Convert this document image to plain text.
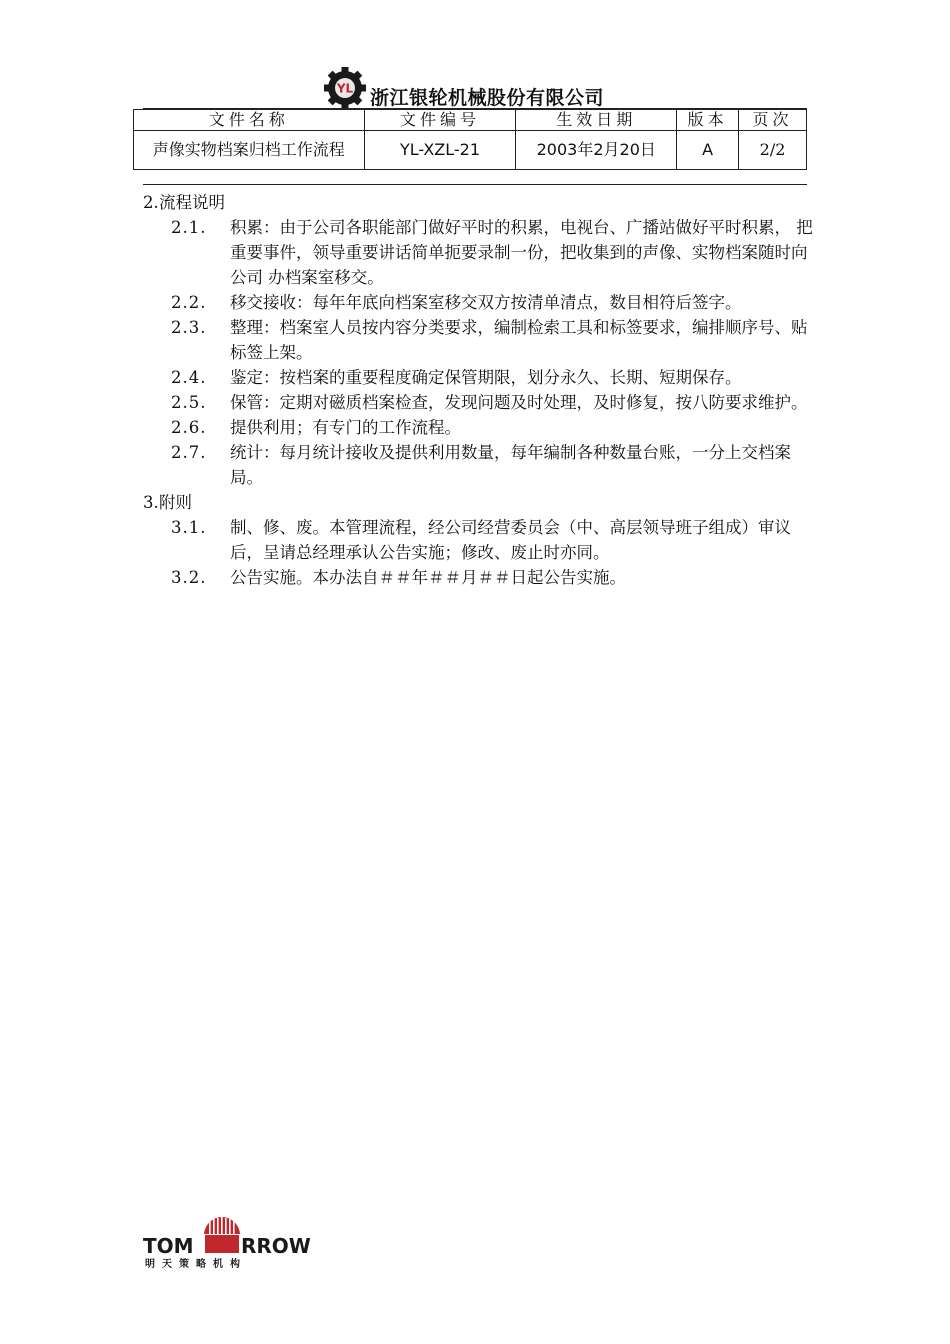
YL 浙江银轮机械股份有限公司
文件名称	文件编号	生效日期	版本	页次
声像实物档案归档工作流程	YL-XZL-21	2003年2月20日	A	2/2
2. 流程说明
2.1.	积累：由于公司各职能部门做好平时的积累，电视台、广播站做好平时积累， 把重要事件，领导重要讲话简单扼要录制一份，把收集到的声像、实物档案随时向公司 办档案室移交。
2.2.	移交接收：每年年底向档案室移交双方按清单清点，数目相符后签字。
2.3.	整理：档案室人员按内容分类要求，编制检索工具和标签要求，编排顺序号、贴标签上架。
2.4.	鉴定：按档案的重要程度确定保管期限，划分永久、长期、短期保存。
2.5.	保管：定期对磁质档案检查，发现问题及时处理，及时修复，按八防要求维护。
2.6.	提供利用；有专门的工作流程。
2.7.	统计：每月统计接收及提供利用数量，每年编制各种数量台账，一分上交档案局。
3. 附则
3.1.	制、修、废。本管理流程，经公司经营委员会（中、高层领导班子组成）审议后，呈请总经理承认公告实施；修改、废止时亦同。
3.2.	公告实施。本办法自＃＃年＃＃月＃＃日起公告实施。
TOM RROW
明天策略机构
